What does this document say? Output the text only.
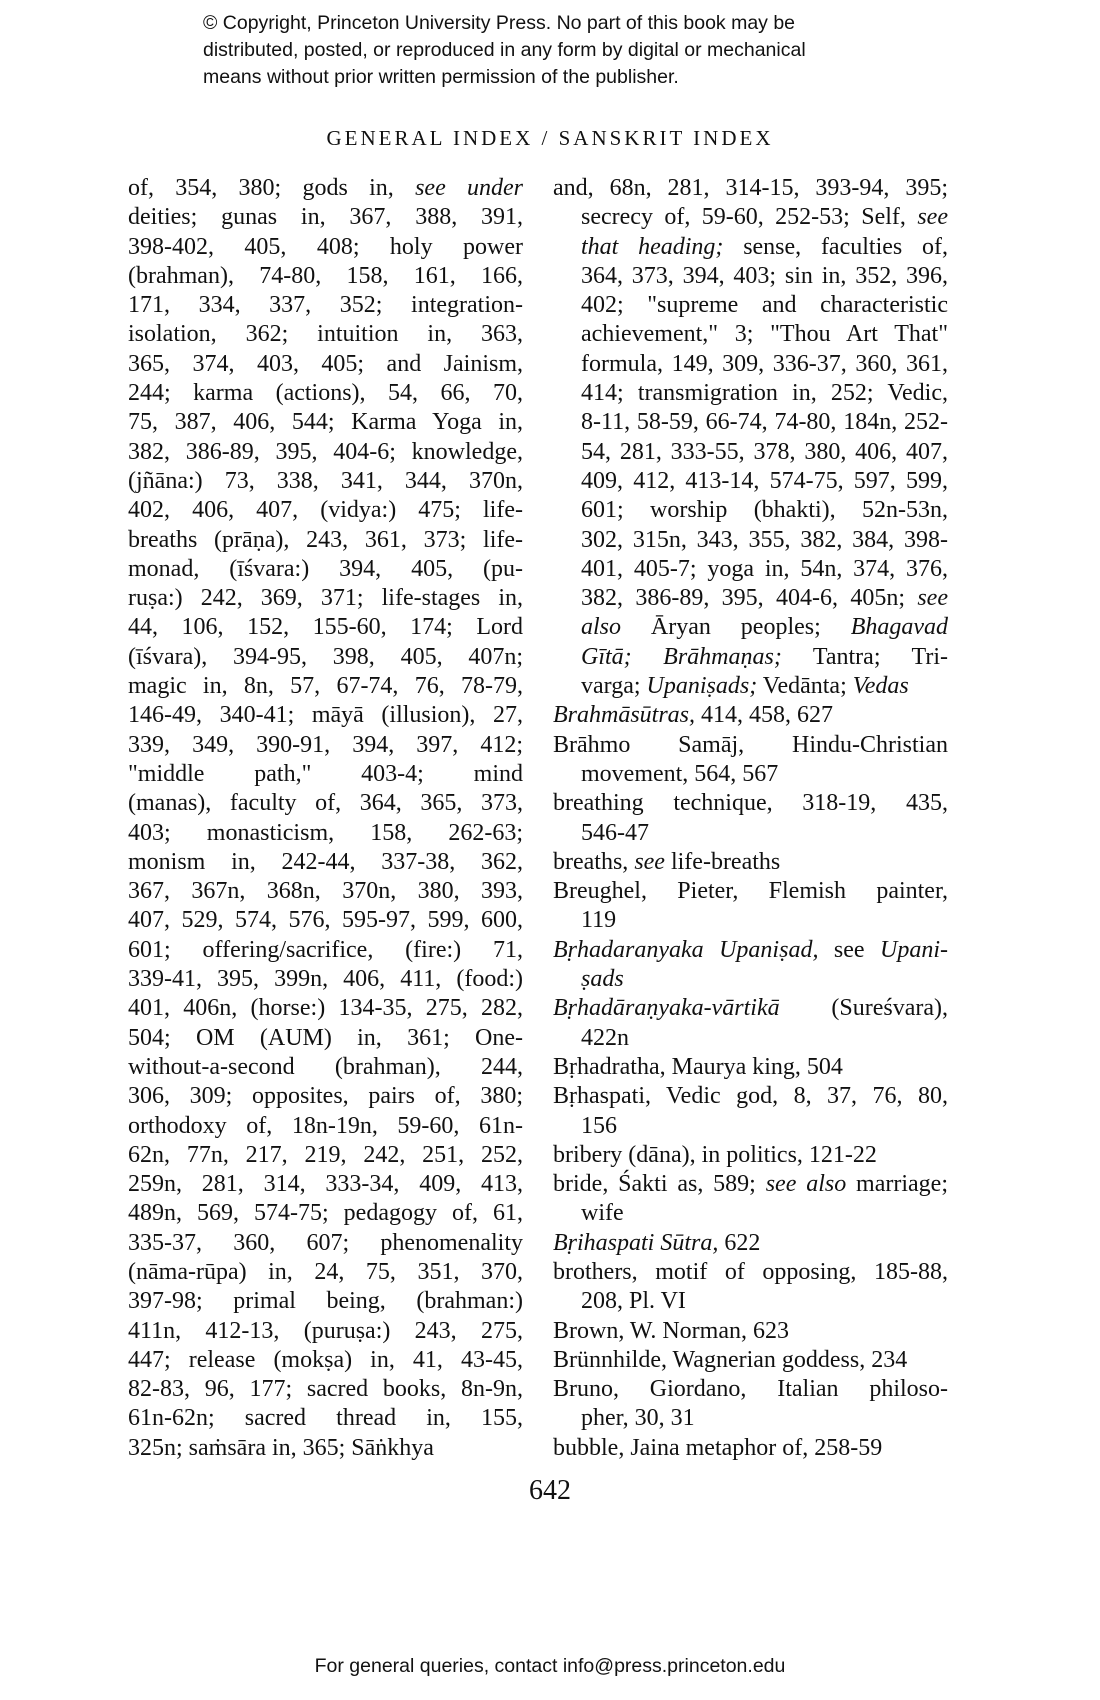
© Copyright, Princeton University Press. No part of this book may be
distributed, posted, or reproduced in any form by digital or mechanical
means without prior written permission of the publisher.
GENERAL INDEX / SANSKRIT INDEX
of, 354, 380; gods in, see under
deities; gunas in, 367, 388, 391,
398-402, 405, 408; holy power
(brahman), 74-80, 158, 161, 166,
171, 334, 337, 352; integration-
isolation, 362; intuition in, 363,
365, 374, 403, 405; and Jainism,
244; karma (actions), 54, 66, 70,
75, 387, 406, 544; Karma Yoga in,
382, 386-89, 395, 404-6; knowledge,
(jñāna:) 73, 338, 341, 344, 370n,
402, 406, 407, (vidya:) 475; life-
breaths (prāṇa), 243, 361, 373; life-
monad, (īśvara:) 394, 405, (pu-
ruṣa:) 242, 369, 371; life-stages in,
44, 106, 152, 155-60, 174; Lord
(īśvara), 394-95, 398, 405, 407n;
magic in, 8n, 57, 67-74, 76, 78-79,
146-49, 340-41; māyā (illusion), 27,
339, 349, 390-91, 394, 397, 412;
"middle path," 403-4; mind
(manas), faculty of, 364, 365, 373,
403; monasticism, 158, 262-63;
monism in, 242-44, 337-38, 362,
367, 367n, 368n, 370n, 380, 393,
407, 529, 574, 576, 595-97, 599, 600,
601; offering/sacrifice, (fire:) 71,
339-41, 395, 399n, 406, 411, (food:)
401, 406n, (horse:) 134-35, 275, 282,
504; OM (AUM) in, 361; One-
without-a-second (brahman), 244,
306, 309; opposites, pairs of, 380;
orthodoxy of, 18n-19n, 59-60, 61n-
62n, 77n, 217, 219, 242, 251, 252,
259n, 281, 314, 333-34, 409, 413,
489n, 569, 574-75; pedagogy of, 61,
335-37, 360, 607; phenomenality
(nāma-rūpa) in, 24, 75, 351, 370,
397-98; primal being, (brahman:)
411n, 412-13, (puruṣa:) 243, 275,
447; release (mokṣa) in, 41, 43-45,
82-83, 96, 177; sacred books, 8n-9n,
61n-62n; sacred thread in, 155,
325n; saṁsāra in, 365; Sāṅkhya
and, 68n, 281, 314-15, 393-94, 395;
secrecy of, 59-60, 252-53; Self, see
that heading; sense, faculties of,
364, 373, 394, 403; sin in, 352, 396,
402; "supreme and characteristic
achievement," 3; "Thou Art That"
formula, 149, 309, 336-37, 360, 361,
414; transmigration in, 252; Vedic,
8-11, 58-59, 66-74, 74-80, 184n, 252-
54, 281, 333-55, 378, 380, 406, 407,
409, 412, 413-14, 574-75, 597, 599,
601; worship (bhakti), 52n-53n,
302, 315n, 343, 355, 382, 384, 398-
401, 405-7; yoga in, 54n, 374, 376,
382, 386-89, 395, 404-6, 405n; see
also Āryan peoples; Bhagavad
Gītā; Brāhmaṇas; Tantra; Tri-
varga; Upaniṣads; Vedānta; Vedas
Brahmāsūtras, 414, 458, 627
Brāhmo Samāj, Hindu-Christian
movement, 564, 567
breathing technique, 318-19, 435,
546-47
breaths, see life-breaths
Breughel, Pieter, Flemish painter,
119
Bṛhadaranyaka Upaniṣad, see Upani-
ṣads
Bṛhadāraṇyaka-vārtikā (Sureśvara),
422n
Bṛhadratha, Maurya king, 504
Bṛhaspati, Vedic god, 8, 37, 76, 80,
156
bribery (dāna), in politics, 121-22
bride, Śakti as, 589; see also marriage;
wife
Bṛihaspati Sūtra, 622
brothers, motif of opposing, 185-88,
208, Pl. VI
Brown, W. Norman, 623
Brünnhilde, Wagnerian goddess, 234
Bruno, Giordano, Italian philoso-
pher, 30, 31
bubble, Jaina metaphor of, 258-59
642
For general queries, contact info@press.princeton.edu
